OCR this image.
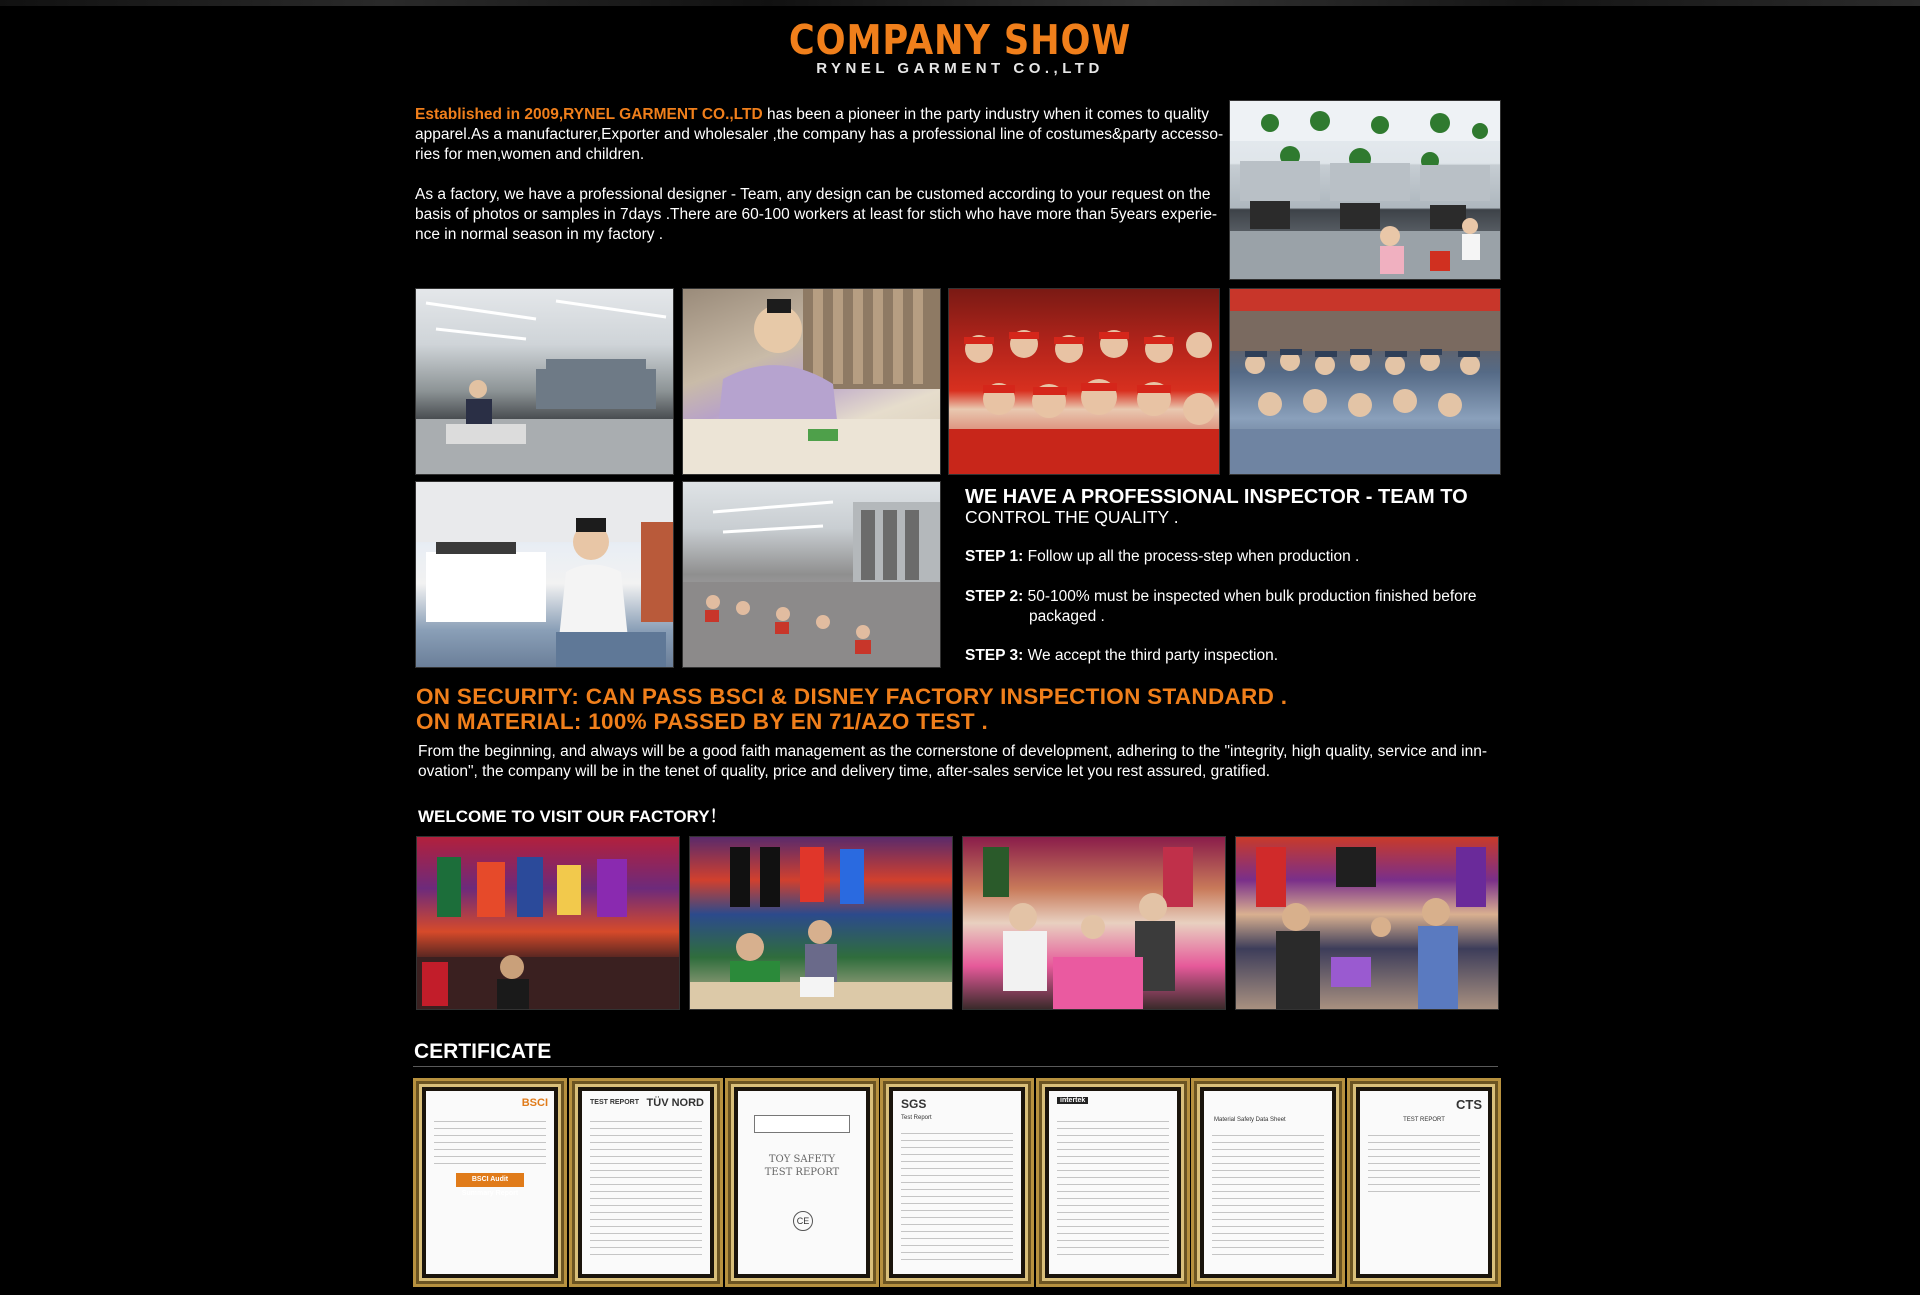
COMPANY SHOW
RYNEL GARMENT CO.,LTD
Established in 2009,RYNEL GARMENT CO.,LTD has been a pioneer in the party industry when it comes to quality
apparel.As a manufacturer,Exporter and wholesaler ,the company has a professional line of costumes&party accesso-
ries for men,women and children.
As a factory, we have a professional designer - Team, any design can be customed according to your request on the
basis of photos or samples in 7days .There are 60-100 workers at least for stich who have more than 5years experie-
nce in normal season in my factory .
WE HAVE A PROFESSIONAL INSPECTOR - TEAM TO
CONTROL THE QUALITY .
STEP 1: Follow up all the process-step when production .
STEP 2: 50-100% must be inspected when bulk production finished before
packaged .
STEP 3: We accept the third party inspection.
ON SECURITY: CAN PASS BSCI & DISNEY FACTORY INSPECTION STANDARD .
ON MATERIAL: 100% PASSED BY EN 71/AZO TEST .
From the beginning, and always will be a good faith management as the cornerstone of development, adhering to the "integrity, high quality, service and inn-
ovation", the company will be in the tenet of quality, price and delivery time, after-sales service let you rest assured, gratified.
WELCOME TO VISIT OUR FACTORY！
CERTIFICATE
BSCI
BSCI Audit Summary Report
TÜV NORD
TEST REPORT
TOY SAFETY TEST REPORT
CE
SGS
Test Report
intertek
Material Safety Data Sheet
CTS
TEST REPORT
